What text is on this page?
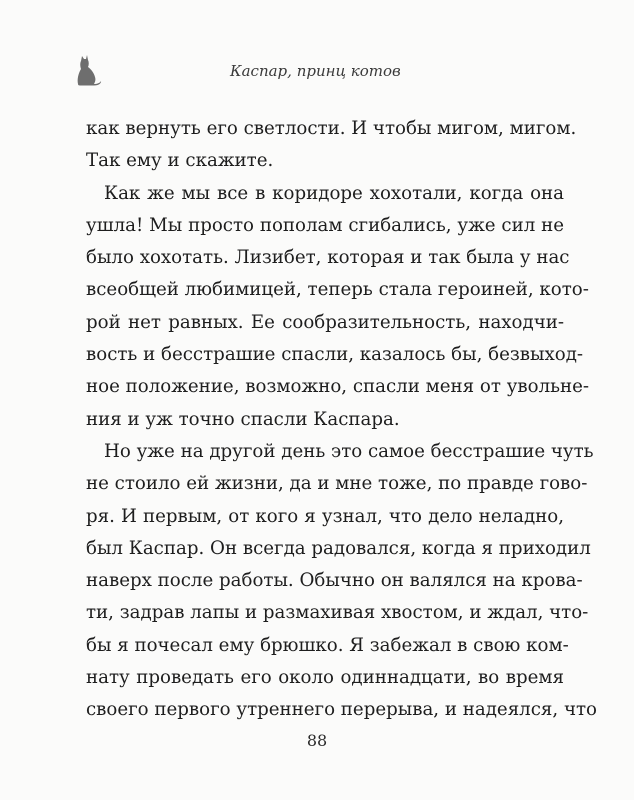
Каспар, принц котов
как вернуть его светлости. И чтобы мигом, мигом.
Так ему и скажите.
Как же мы все в коридоре хохотали, когда она
ушла! Мы просто пополам сгибались, уже сил не
было хохотать. Лизибет, которая и так была у нас
всеобщей любимицей, теперь стала героиней, кото-
рой нет равных. Ее сообразительность, находчи-
вость и бесстрашие спасли, казалось бы, безвыход-
ное положение, возможно, спасли меня от увольне-
ния и уж точно спасли Каспара.
Но уже на другой день это самое бесстрашие чуть
не стоило ей жизни, да и мне тоже, по правде гово-
ря. И первым, от кого я узнал, что дело неладно,
был Каспар. Он всегда радовался, когда я приходил
наверх после работы. Обычно он валялся на крова-
ти, задрав лапы и размахивая хвостом, и ждал, что-
бы я почесал ему брюшко. Я забежал в свою ком-
нату проведать его около одиннадцати, во время
своего первого утреннего перерыва, и надеялся, что
88
